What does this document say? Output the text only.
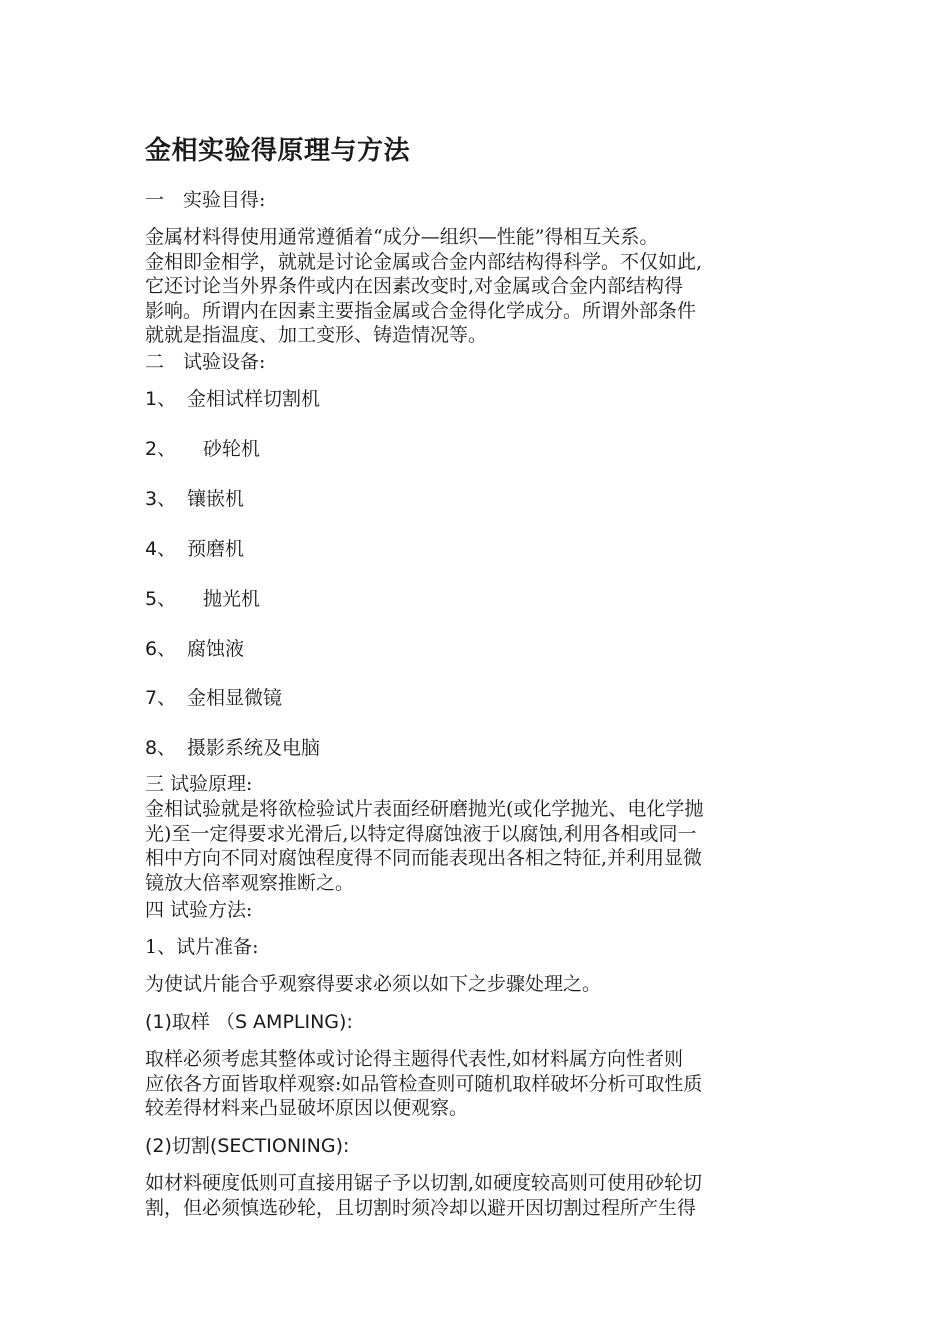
金相实验得原理与方法

一　实验目得:

金属材料得使用通常遵循着“成分—组织—性能”得相互关系。
金相即金相学，就就是讨论金属或合金内部结构得科学。不仅如此,
它还讨论当外界条件或内在因素改变时,对金属或合金内部结构得
影响。所谓内在因素主要指金属或合金得化学成分。所谓外部条件
就就是指温度、加工变形、铸造情况等。

二　试验设备:

1、 金相试样切割机

2、 砂轮机

3、 镶嵌机

4、 预磨机

5、 抛光机

6、 腐蚀液

7、 金相显微镜

8、 摄影系统及电脑

三 试验原理:

金相试验就是将欲检验试片表面经研磨抛光(或化学抛光、电化学抛
光)至一定得要求光滑后,以特定得腐蚀液于以腐蚀,利用各相或同一
相中方向不同对腐蚀程度得不同而能表现出各相之特征,并利用显微
镜放大倍率观察推断之。

四 试验方法:

1、试片准备:

为使试片能合乎观察得要求必须以如下之步骤处理之。

(1)取样 （S AMPLING):

取样必须考虑其整体或讨论得主题得代表性,如材料属方向性者则
应依各方面皆取样观察:如品管检查则可随机取样破坏分析可取性质
较差得材料来凸显破坏原因以便观察。

(2)切割(SECTIONING):

如材料硬度低则可直接用锯子予以切割,如硬度较高则可使用砂轮切
割，但必须慎选砂轮，且切割时须冷却以避开因切割过程所产生得
